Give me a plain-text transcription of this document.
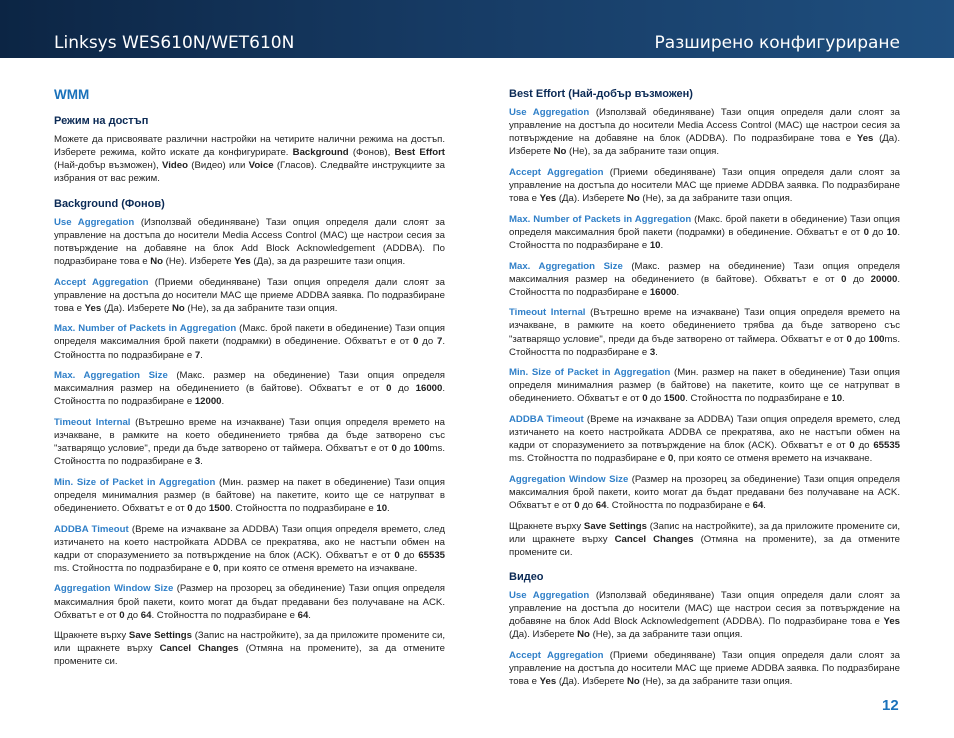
Linksys WES610N/WET610N	Разширено конфигуриране
WMM
Режим на достъп

Можете да присвоявате различни настройки на четирите налични режима на достъп. Изберете режима, който искате да конфигурирате. Background (Фонов), Best Effort (Най-добър възможен), Video (Видео) или Voice (Гласов). Следвайте инструкциите за избрания от вас режим.

Background (Фонов)

Use Aggregation (Използвай обединяване) Тази опция определя дали слоят за управление на достъпа до носители Media Access Control (MAC) ще настрои сесия за потвърждение на добавяне на блок Add Block Acknowledgement (ADDBA). По подразбиране това е No (Не). Изберете Yes (Да), за да разрешите тази опция.

Accept Aggregation (Приеми обединяване) Тази опция определя дали слоят за управление на достъпа до носители MAC ще приеме ADDBA заявка. По подразбиране това е Yes (Да). Изберете No (Не), за да забраните тази опция.

Max. Number of Packets in Aggregation (Макс. брой пакети в обединение) Тази опция определя максималния брой пакети (подрамки) в обединение. Обхватът е от 0 до 7. Стойността по подразбиране е 7.

Max. Aggregation Size (Макс. размер на обединение) Тази опция определя максималния размер на обединението (в байтове). Обхватът е от 0 до 16000. Стойността по подразбиране е 12000.

Timeout Internal (Вътрешно време на изчакване) Тази опция определя времето на изчакване, в рамките на което обединението трябва да бъде затворено със "затварящо условие", преди да бъде затворено от таймера. Обхватът е от 0 до 100ms. Стойността по подразбиране е 3.

Min. Size of Packet in Aggregation (Мин. размер на пакет в обединение) Тази опция определя минималния размер (в байтове) на пакетите, които ще се натрупват в обединението. Обхватът е от 0 до 1500. Стойността по подразбиране е 10.

ADDBA Timeout (Време на изчакване за ADDBA) Тази опция определя времето, след изтичането на което настройката ADDBA се прекратява, ако не настъпи обмен на кадри от споразумението за потвърждение на блок (ACK). Обхватът е от 0 до 65535 ms. Стойността по подразбиране е 0, при която се отменя времето на изчакване.

Aggregation Window Size (Размер на прозорец за обединение) Тази опция определя максималния брой пакети, които могат да бъдат предавани без получаване на ACK. Обхватът е от 0 до 64. Стойността по подразбиране е 64.

Щракнете върху Save Settings (Запис на настройките), за да приложите промените си, или щракнете върху Cancel Changes (Отмяна на промените), за да отмените промените си.

Best Effort (Най-добър възможен)

Use Aggregation (Използвай обединяване) Тази опция определя дали слоят за управление на достъпа до носители Media Access Control (MAC) ще настрои сесия за потвърждение на добавяне на блок (ADDBA). По подразбиране това е Yes (Да). Изберете No (Не), за да забраните тази опция.

Accept Aggregation (Приеми обединяване) Тази опция определя дали слоят за управление на достъпа до носители MAC ще приеме ADDBA заявка. По подразбиране това е Yes (Да). Изберете No (Не), за да забраните тази опция.

Max. Number of Packets in Aggregation (Макс. брой пакети в обединение) Тази опция определя максималния брой пакети (подрамки) в обединение. Обхватът е от 0 до 10. Стойността по подразбиране е 10.

Max. Aggregation Size (Макс. размер на обединение) Тази опция определя максималния размер на обединението (в байтове). Обхватът е от 0 до 20000. Стойността по подразбиране е 16000.

Timeout Internal (Вътрешно време на изчакване) Тази опция определя времето на изчакване, в рамките на което обединението трябва да бъде затворено със "затварящо условие", преди да бъде затворено от таймера. Обхватът е от 0 до 100ms. Стойността по подразбиране е 3.

Min. Size of Packet in Aggregation (Мин. размер на пакет в обединение) Тази опция определя минималния размер (в байтове) на пакетите, които ще се натрупват в обединението. Обхватът е от 0 до 1500. Стойността по подразбиране е 10.

ADDBA Timeout (Време на изчакване за ADDBA) Тази опция определя времето, след изтичането на което настройката ADDBA се прекратява, ако не настъпи обмен на кадри от споразумението за потвърждение на блок (ACK). Обхватът е от 0 до 65535 ms. Стойността по подразбиране е 0, при която се отменя времето на изчакване.

Aggregation Window Size (Размер на прозорец за обединение) Тази опция определя максималния брой пакети, които могат да бъдат предавани без получаване на ACK. Обхватът е от 0 до 64. Стойността по подразбиране е 64.

Щракнете върху Save Settings (Запис на настройките), за да приложите промените си, или щракнете върху Cancel Changes (Отмяна на промените), за да отмените промените си.

Видео

Use Aggregation (Използвай обединяване) Тази опция определя дали слоят за управление на достъпа до носители (MAC) ще настрои сесия за потвърждение на добавяне на блок Add Block Acknowledgement (ADDBA). По подразбиране това е Yes (Да). Изберете No (Не), за да забраните тази опция.

Accept Aggregation (Приеми обединяване) Тази опция определя дали слоят за управление на достъпа до носители MAC ще приеме ADDBA заявка. По подразбиране това е Yes (Да). Изберете No (Не), за да забраните тази опция.

12
